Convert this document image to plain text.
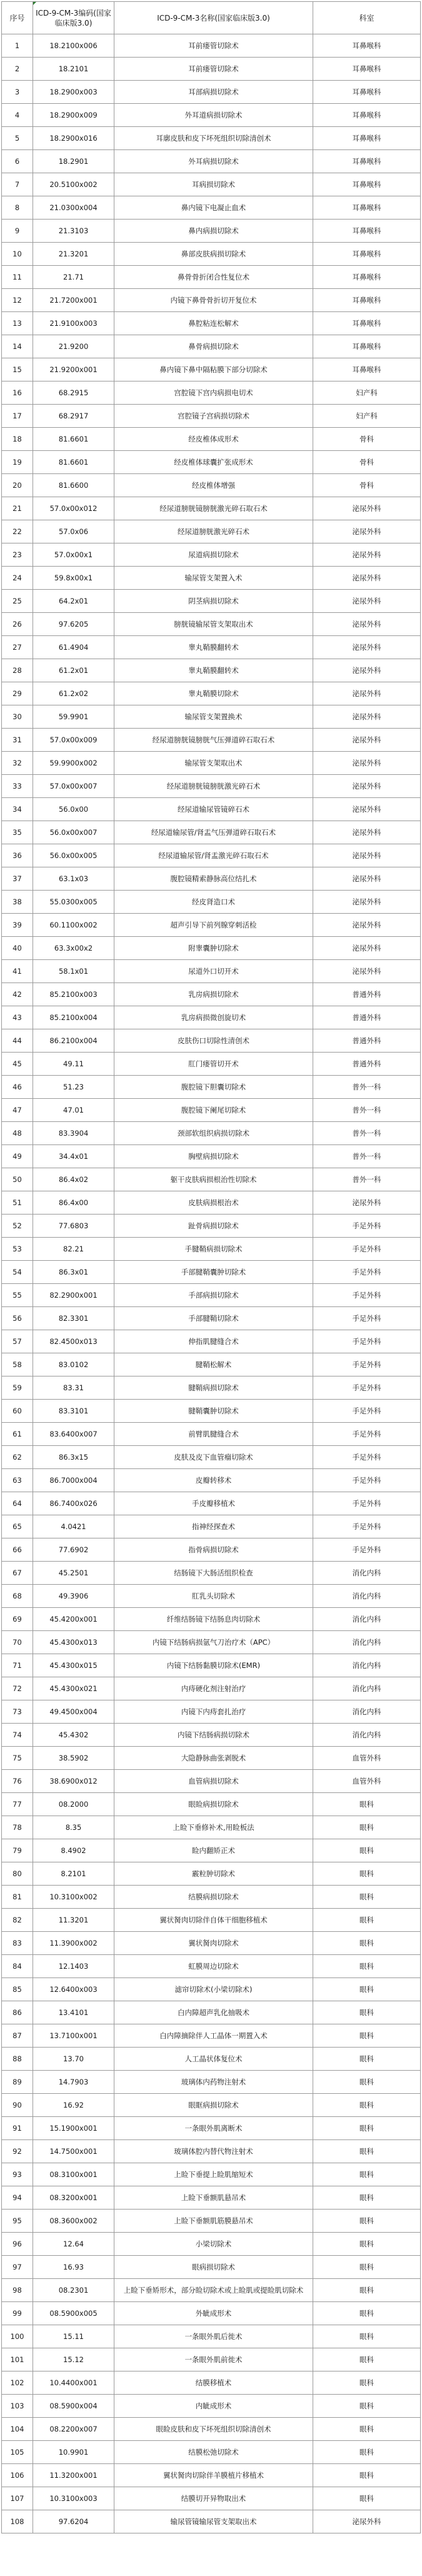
序号	ICD-9-CM-3编码(国家临床版3.0)	ICD-9-CM-3名称(国家临床版3.0)	科室
1	18.2100x006	耳前瘘管切除术	耳鼻喉科
2	18.2101	耳前瘘管切除术	耳鼻喉科
3	18.2900x003	耳部病损切除术	耳鼻喉科
4	18.2900x009	外耳道病损切除术	耳鼻喉科
5	18.2900x016	耳廓皮肤和皮下坏死组织切除清创术	耳鼻喉科
6	18.2901	外耳病损切除术	耳鼻喉科
7	20.5100x002	耳病损切除术	耳鼻喉科
8	21.0300x004	鼻内镜下电凝止血术	耳鼻喉科
9	21.3103	鼻内病损切除术	耳鼻喉科
10	21.3201	鼻部皮肤病损切除术	耳鼻喉科
11	21.71	鼻骨骨折闭合性复位术	耳鼻喉科
12	21.7200x001	内镜下鼻骨骨折切开复位术	耳鼻喉科
13	21.9100x003	鼻腔粘连松解术	耳鼻喉科
14	21.9200	鼻骨病损切除术	耳鼻喉科
15	21.9200x001	鼻内镜下鼻中隔粘膜下部分切除术	耳鼻喉科
16	68.2915	宫腔镜下宫内病损电切术	妇产科
17	68.2917	宫腔镜子宫病损切除术	妇产科
18	81.6601	经皮椎体成形术	骨科
19	81.6601	经皮椎体球囊扩张成形术	骨科
20	81.6600	经皮椎体增强	骨科
21	57.0x00x012	经尿道膀胱镜膀胱激光碎石取石术	泌尿外科
22	57.0x06	经尿道膀胱激光碎石术	泌尿外科
23	57.0x00x1	尿道病损切除术	泌尿外科
24	59.8x00x1	输尿管支架置入术	泌尿外科
25	64.2x01	阴茎病损切除术	泌尿外科
26	97.6205	膀胱镜输尿管支架取出术	泌尿外科
27	61.4904	睾丸鞘膜翻转术	泌尿外科
28	61.2x01	睾丸鞘膜翻转术	泌尿外科
29	61.2x02	睾丸鞘膜切除术	泌尿外科
30	59.9901	输尿管支架置换术	泌尿外科
31	57.0x00x009	经尿道膀胱镜膀胱气压弹道碎石取石术	泌尿外科
32	59.9900x002	输尿管支架取出术	泌尿外科
33	57.0x00x007	经尿道膀胱镜膀胱激光碎石术	泌尿外科
34	56.0x00	经尿道输尿管镜碎石术	泌尿外科
35	56.0x00x007	经尿道输尿管/肾盂气压弹道碎石取石术	泌尿外科
36	56.0x00x005	经尿道输尿管/肾盂激光碎石取石术	泌尿外科
37	63.1x03	腹腔镜精索静脉高位结扎术	泌尿外科
38	55.0300x005	经皮肾造口术	泌尿外科
39	60.1100x002	超声引导下前列腺穿刺活检	泌尿外科
40	63.3x00x2	附睾囊肿切除术	泌尿外科
41	58.1x01	尿道外口切开术	泌尿外科
42	85.2100x003	乳房病损切除术	普通外科
43	85.2100x004	乳房病损微创旋切术	普通外科
44	86.2100x004	皮肤伤口切除性清创术	普通外科
45	49.11	肛门瘘管切开术	普通外科
46	51.23	腹腔镜下胆囊切除术	普外一科
47	47.01	腹腔镜下阑尾切除术	普外一科
48	83.3904	颈部软组织病损切除术	普外一科
49	34.4x01	胸壁病损切除术	普外一科
50	86.4x02	躯干皮肤病损根治性切除术	普外一科
51	86.4x00	皮肤病损根治术	泌尿外科
52	77.6803	趾骨病损切除术	手足外科
53	82.21	手腱鞘病损切除术	手足外科
54	86.3x01	手部腱鞘囊肿切除术	手足外科
55	82.2900x001	手部病损切除术	手足外科
56	82.3301	手部腱鞘切除术	手足外科
57	82.4500x013	伸指肌腱缝合术	手足外科
58	83.0102	腱鞘松解术	手足外科
59	83.31	腱鞘病损切除术	手足外科
60	83.3101	腱鞘囊肿切除术	手足外科
61	83.6400x007	前臂肌腱缝合术	手足外科
62	86.3x15	皮肤及皮下血管瘤切除术	手足外科
63	86.7000x004	皮瓣转移术	手足外科
64	86.7400x026	手皮瓣移植术	手足外科
65	4.0421	指神经探查术	手足外科
66	77.6902	指骨病损切除术	手足外科
67	45.2501	结肠镜下大肠活组织检查	消化内科
68	49.3906	肛乳头切除术	消化内科
69	45.4200x001	纤维结肠镜下结肠息肉切除术	消化内科
70	45.4300x013	内镜下结肠病损氩气刀治疗术（APC）	消化内科
71	45.4300x015	内镜下结肠黏膜切除术(EMR)	消化内科
72	45.4300x021	内痔硬化剂注射治疗	消化内科
73	49.4500x004	内镜下内痔套扎治疗	消化内科
74	45.4302	内镜下结肠病损切除术	消化内科
75	38.5902	大隐静脉曲张剥脱术	血管外科
76	38.6900x012	血管病损切除术	血管外科
77	08.2000	眼睑病损切除术	眼科
78	8.35	上睑下垂修补术,用睑板法	眼科
79	8.4902	睑内翻矫正术	眼科
80	8.2101	霰粒肿切除术	眼科
81	10.3100x002	结膜病损切除术	眼科
82	11.3201	翼状胬肉切除伴自体干细胞移植术	眼科
83	11.3900x002	翼状胬肉切除术	眼科
84	12.1403	虹膜周边切除术	眼科
85	12.6400x003	滤帘切除术(小梁切除术)	眼科
86	13.4101	白内障超声乳化抽吸术	眼科
87	13.7100x001	白内障摘除伴人工晶体一期置入术	眼科
88	13.70	人工晶状体复位术	眼科
89	14.7903	玻璃体内药物注射术	眼科
90	16.92	眼眶病损切除术	眼科
91	15.1900x001	一条眼外肌离断术	眼科
92	14.7500x001	玻璃体腔内替代物注射术	眼科
93	08.3100x001	上睑下垂提上睑肌缩短术	眼科
94	08.3200x001	上睑下垂额肌悬吊术	眼科
95	08.3600x002	上睑下垂额肌筋膜悬吊术	眼科
96	12.64	小梁切除术	眼科
97	16.93	眼病损切除术	眼科
98	08.2301	上睑下垂矫形术，部分睑切除术或上睑肌或提睑肌切除术	眼科
99	08.5900x005	外眦成形术	眼科
100	15.11	一条眼外肌后徙术	眼科
101	15.12	一条眼外肌前徙术	眼科
102	10.4400x001	结膜移植术	眼科
103	08.5900x004	内眦成形术	眼科
104	08.2200x007	眼睑皮肤和皮下坏死组织切除清创术	眼科
105	10.9901	结膜松弛切除术	眼科
106	11.3200x001	翼状胬肉切除伴羊膜植片移植术	眼科
107	10.3100x003	结膜切开异物取出术	眼科
108	97.6204	输尿管镜输尿管支架取出术	泌尿外科
